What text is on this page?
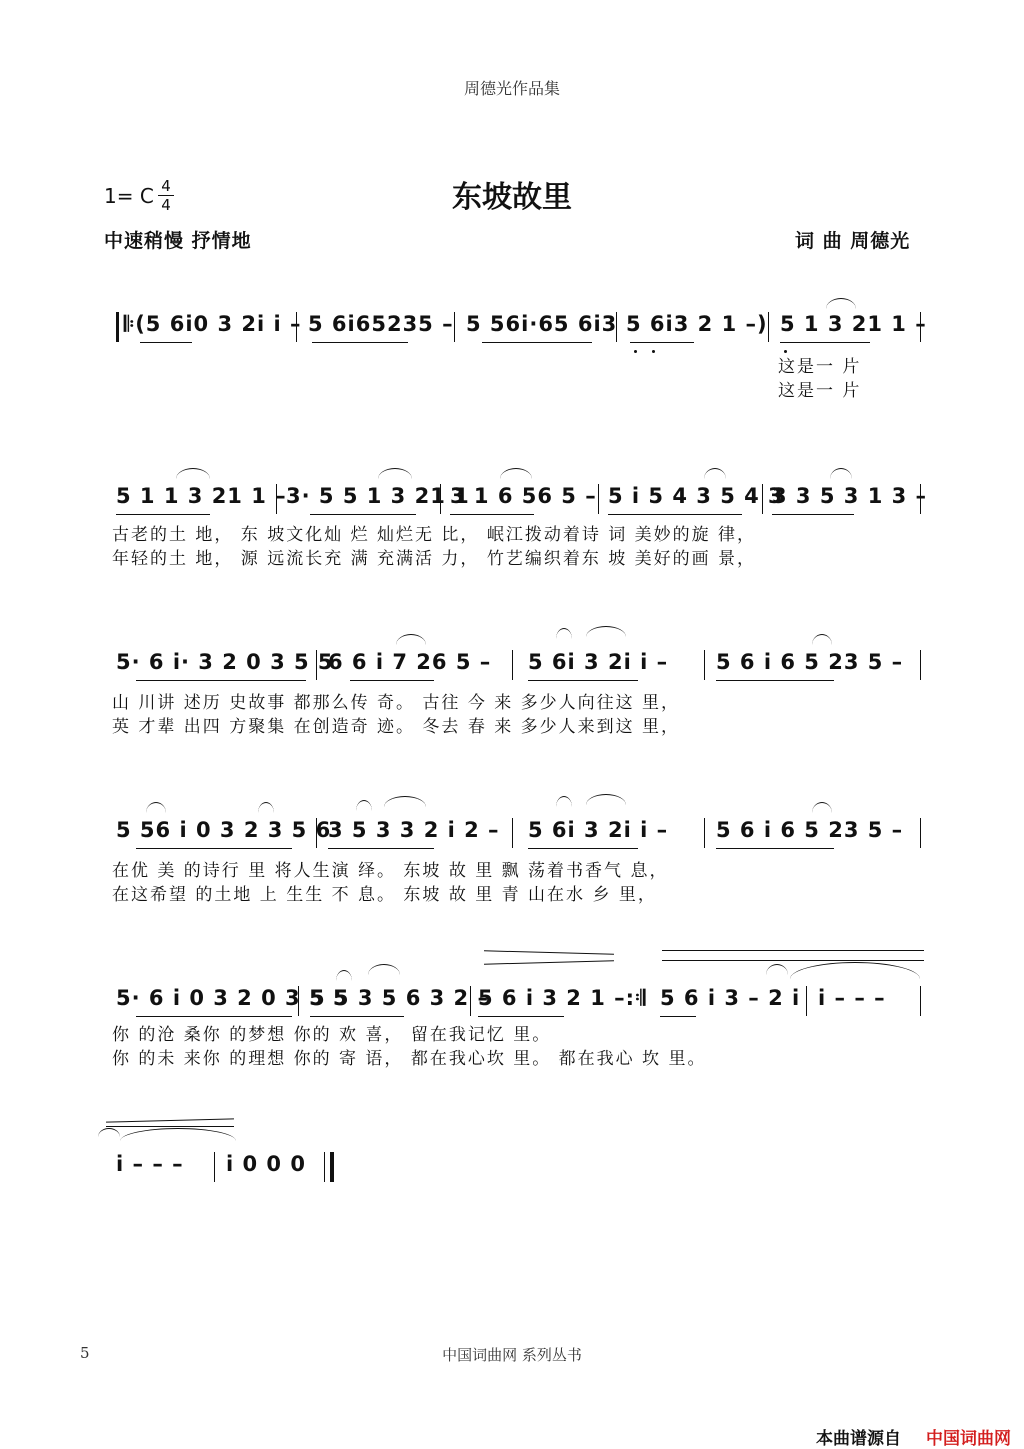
周德光作品集
1= C 4
4	东坡故里
中速稍慢 抒情地	词 曲 周德光
𝄆(5 6i0 3 2i i – 5 6i65235 – 5 56i·65 6i3 5 6i3 2 1 –) 5 1 3 21 1 –
这是一 片
这是一 片
5 1 1 3 21 1 – 3· 5 5 1 3 21 1
3 1 6 56 5 – 5 i 5 4 3 5 4 3
3 3 5 3 1 3 –
古老的土 地， 东 坡文化灿 烂 灿烂无 比， 岷江拨动着诗 词 美妙的旋 律，
年轻的土 地， 源 远流长充 满 充满活 力， 竹艺编织着东 坡 美好的画 景，
5· 6 i· 3 2 0 3 5 5
6 6 i 7 26 5 – 5 6i 3 2i i – 5 6 i 6 5 23 5 –
山 川讲 述历 史故事 都那么传 奇。 古往 今 来 多少人向往这 里，
英 才辈 出四 方聚集 在创造奇 迹。 冬去 春 来 多少人来到这 里，
5 56 i 0 3 2 3 5 6
3 5 3 3 2 i 2 – 5 6i 3 2i i – 5 6 i 6 5 23 5 –
在优 美 的诗行 里 将人生演 绎。 东坡 故 里 飘 荡着书香气 息，
在这希望 的土地 上 生生 不 息。 东坡 故 里 青 山在水 乡 里，
5· 6 i 0 3 2 0 3 5 5
5 5 3 5 6 3 2 –
5 6 i 3 2 1 –:𝄇 5 6 i 3 – 2 i i – – –
你 的沧 桑你 的梦想 你的 欢 喜， 留在我记忆 里。
你 的未 来你 的理想 你的 寄 语， 都在我心坎 里。 都在我心 坎 里。
i – – – i 0 0 0
5	中国词曲网 系列丛书
本曲谱源自 中国词曲网
